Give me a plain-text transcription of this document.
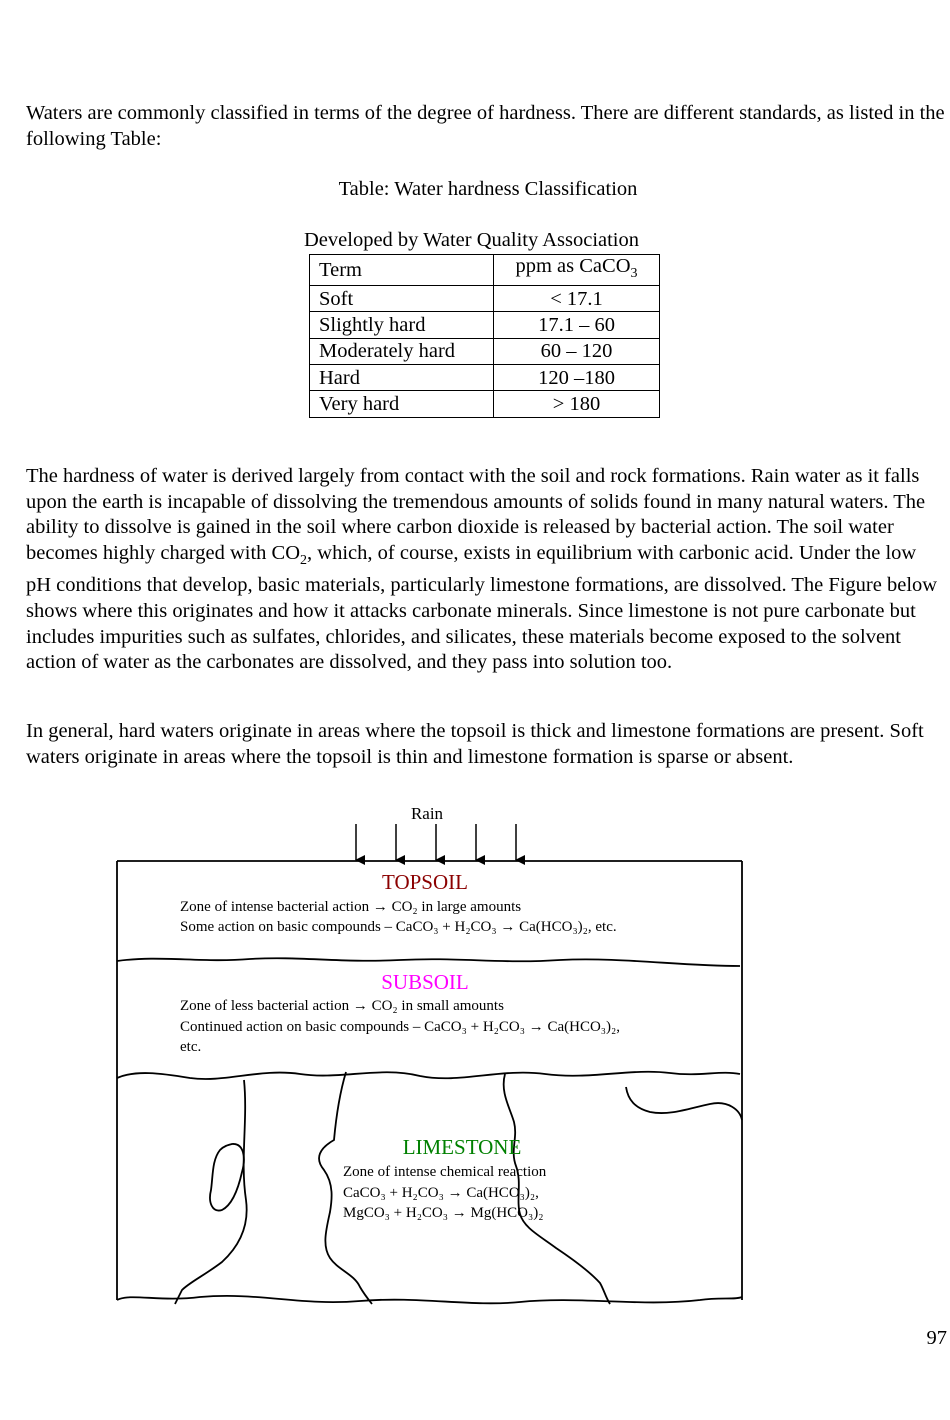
Waters are commonly classified in terms of the degree of hardness. There are different standards, as listed in the following Table:

Table: Water hardness Classification
Developed by Water Quality Association
Term	ppm as CaCO$_3$
Soft	< 17.1
Slightly hard	17.1 – 60
Moderately hard	60 – 120
Hard	120 –180
Very hard	> 180

The hardness of water is derived largely from contact with the soil and rock formations. Rain water as it falls upon the earth is incapable of dissolving the tremendous amounts of solids found in many natural waters. The ability to dissolve is gained in the soil where carbon dioxide is released by bacterial action. The soil water becomes highly charged with $CO_2$, which, of course, exists in equilibrium with carbonic acid. Under the low pH conditions that develop, basic materials, particularly limestone formations, are dissolved. The Figure below shows where this originates and how it attacks carbonate minerals. Since limestone is not pure carbonate but includes impurities such as sulfates, chlorides, and silicates, these materials become exposed to the solvent action of water as the carbonates are dissolved, and they pass into solution too.

In general, hard waters originate in areas where the topsoil is thick and limestone formations are present. Soft waters originate in areas where the topsoil is thin and limestone formation is sparse or absent.

Rain
TOPSOIL
Zone of intense bacterial action → CO₂ in large amounts
Some action on basic compounds – CaCO₃ + H₂CO₃ → Ca(HCO₃)₂, etc.
SUBSOIL
Zone of less bacterial action → CO₂ in small amounts
Continued action on basic compounds – CaCO₃ + H₂CO₃ → Ca(HCO₃)₂,
etc.
LIMESTONE
Zone of intense chemical reaction
CaCO₃ + H₂CO₃ → Ca(HCO₃)₂,
MgCO₃ + H₂CO₃ → Mg(HCO₃)₂
97
